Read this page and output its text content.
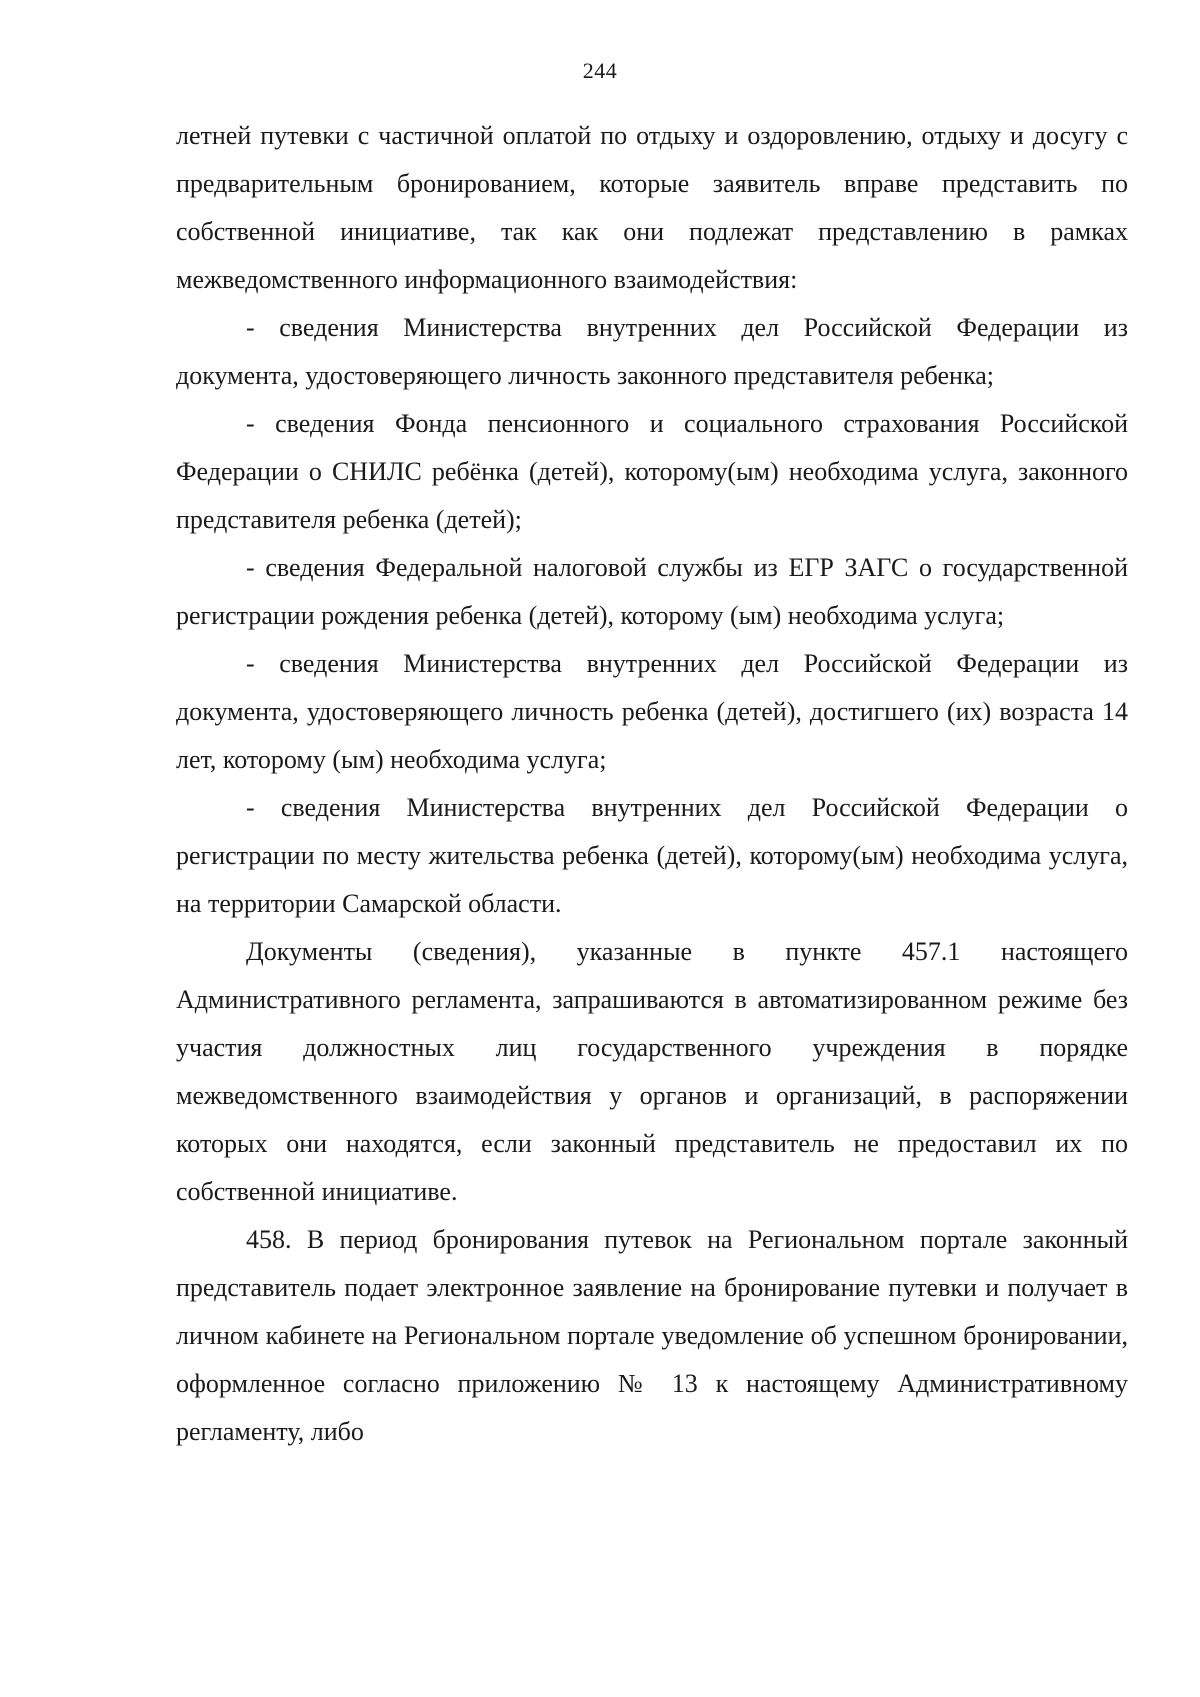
244

летней путевки с частичной оплатой по отдыху и оздоровлению, отдыху и досугу с предварительным бронированием, которые заявитель вправе представить по собственной инициативе, так как они подлежат представлению в рамках межведомственного информационного взаимодействия:

- сведения Министерства внутренних дел Российской Федерации из документа, удостоверяющего личность законного представителя ребенка;

- сведения Фонда пенсионного и социального страхования Российской Федерации о СНИЛС ребёнка (детей), которому(ым) необходима услуга, законного представителя ребенка (детей);

- сведения Федеральной налоговой службы из ЕГР ЗАГС о государственной регистрации рождения ребенка (детей), которому (ым) необходима услуга;

- сведения Министерства внутренних дел Российской Федерации из документа, удостоверяющего личность ребенка (детей), достигшего (их) возраста 14 лет, которому (ым) необходима услуга;

- сведения Министерства внутренних дел Российской Федерации о регистрации по месту жительства ребенка (детей), которому(ым) необходима услуга, на территории Самарской области.

Документы (сведения), указанные в пункте 457.1 настоящего Административного регламента, запрашиваются в автоматизированном режиме без участия должностных лиц государственного учреждения в порядке межведомственного взаимодействия у органов и организаций, в распоряжении которых они находятся, если законный представитель не предоставил их по собственной инициативе.

458. В период бронирования путевок на Региональном портале законный представитель подает электронное заявление на бронирование путевки и получает в личном кабинете на Региональном портале уведомление об успешном бронировании, оформленное согласно приложению № 13 к настоящему Административному регламенту, либо
